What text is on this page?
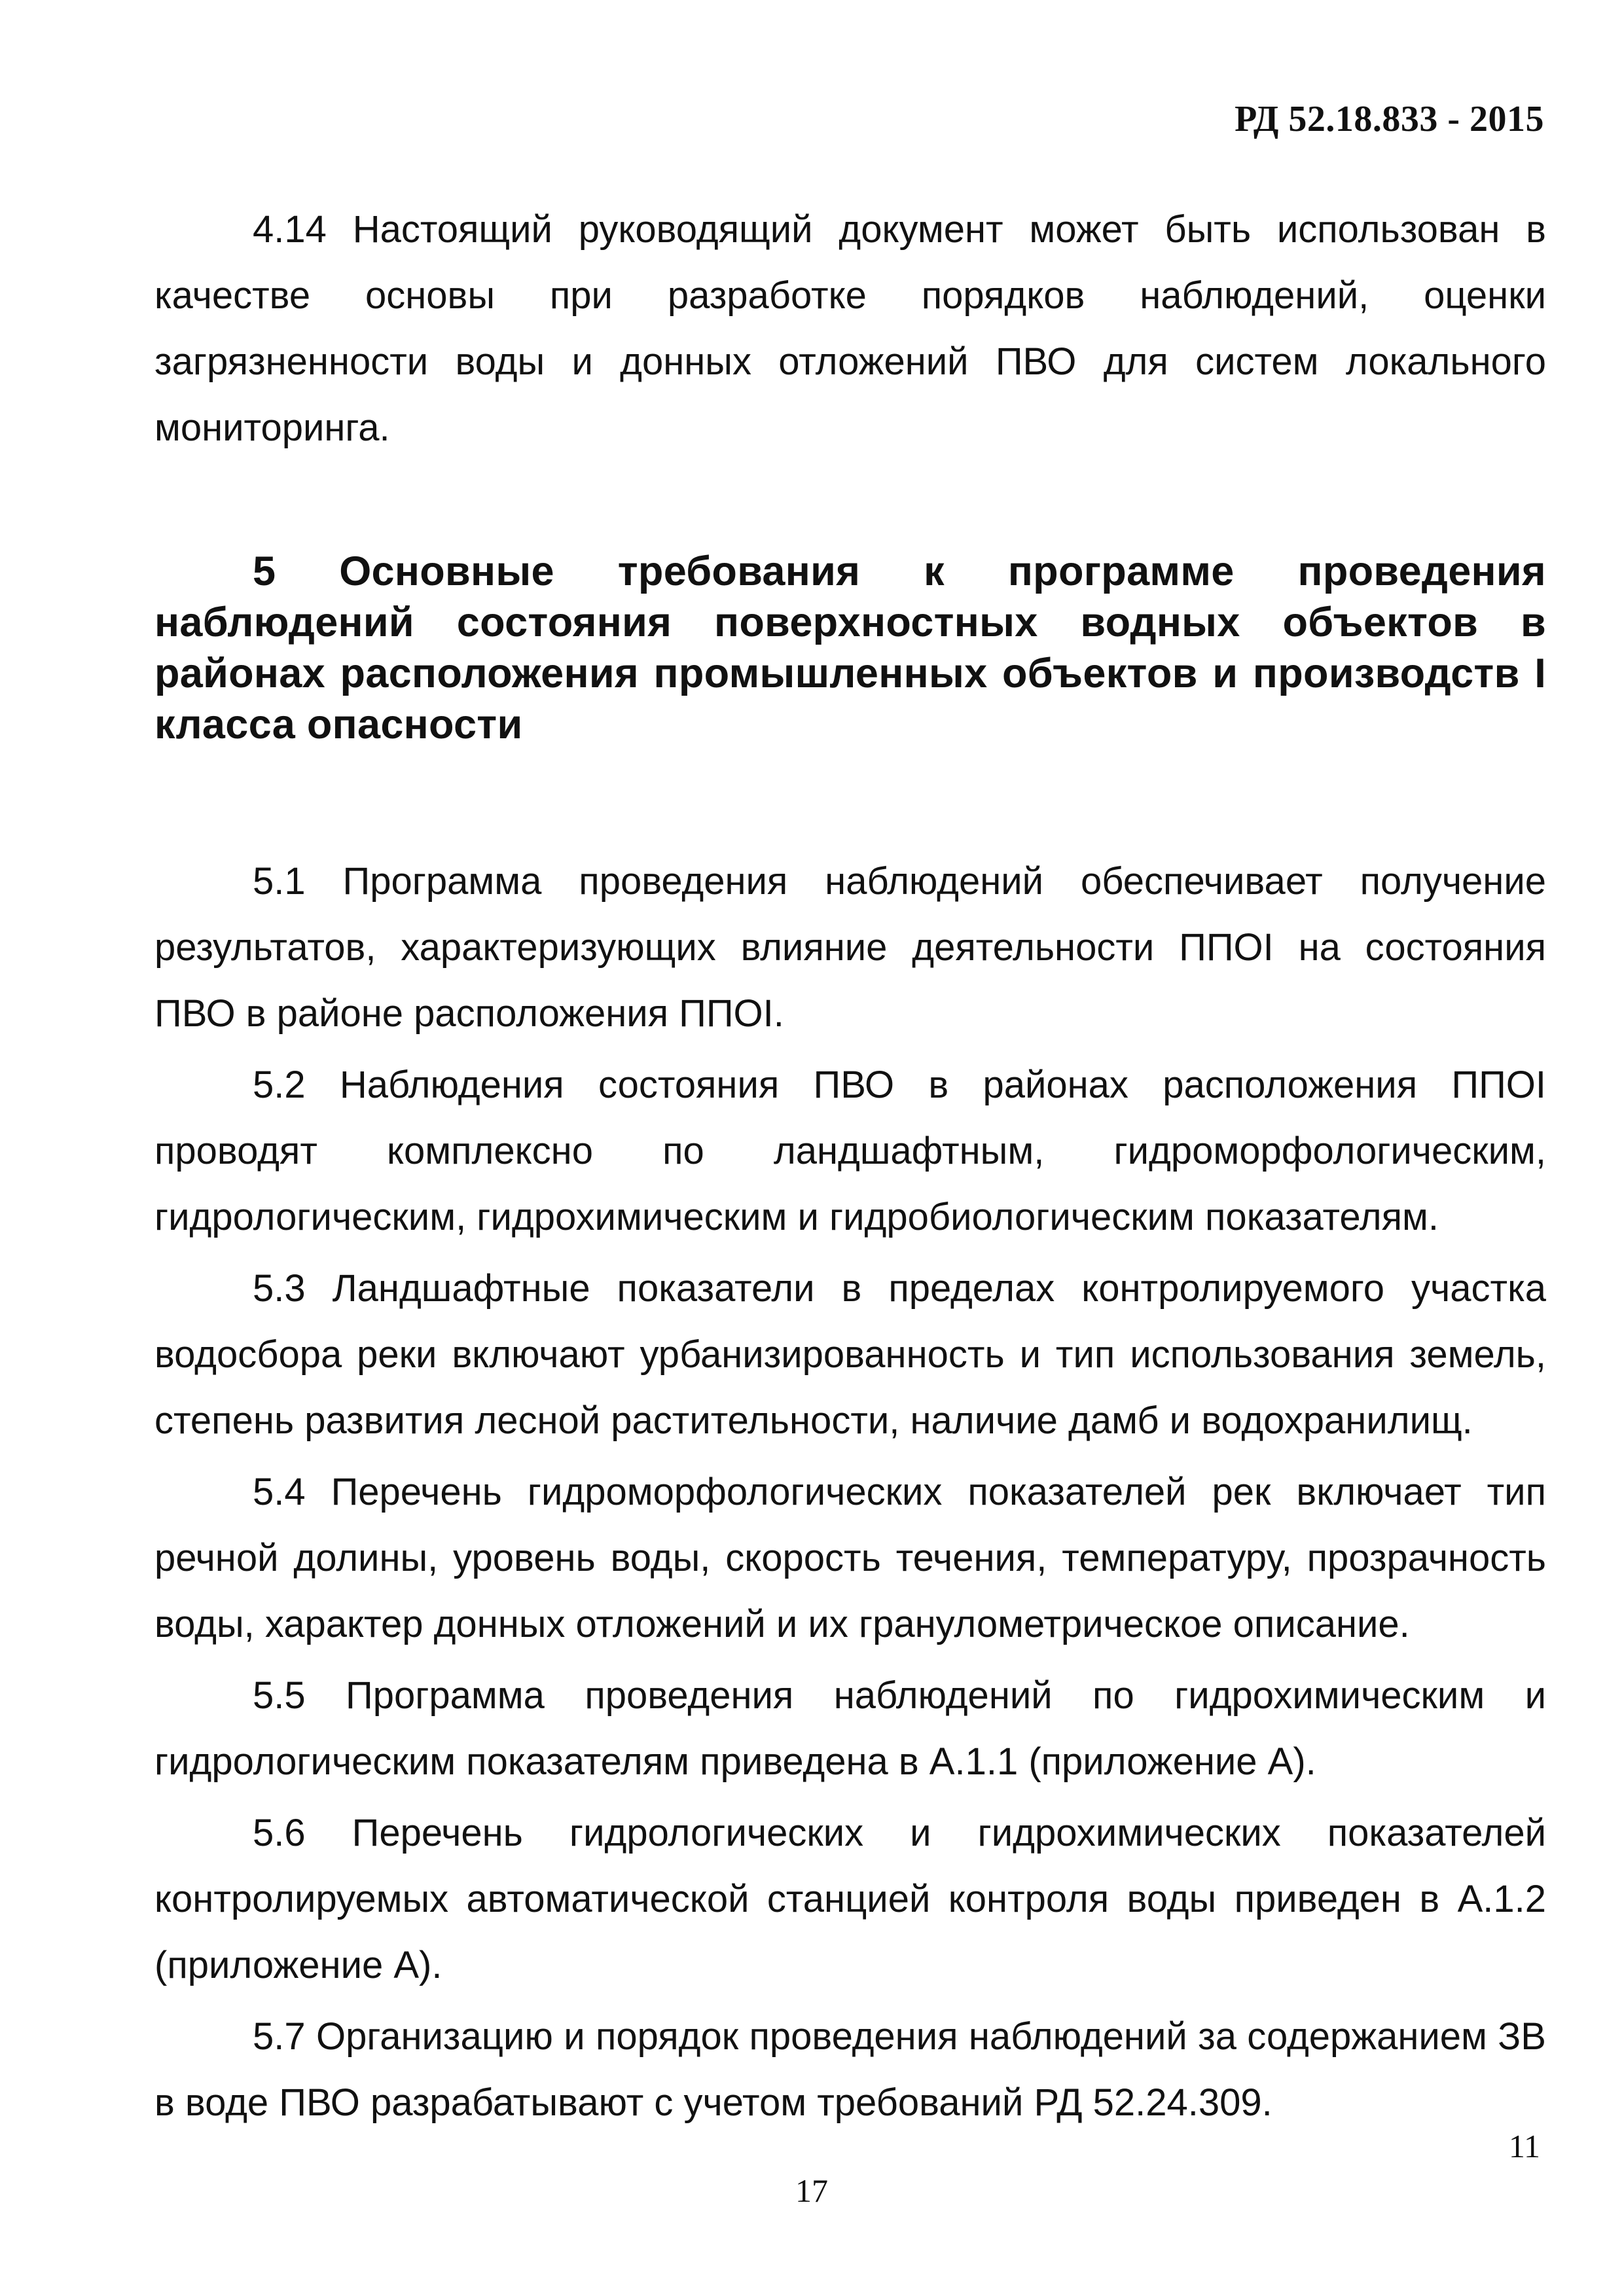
РД 52.18.833 - 2015

4.14 Настоящий руководящий документ может быть использован в качестве основы при разработке порядков наблюдений, оценки загрязненности воды и донных отложений ПВО для систем локального мониторинга.

5 Основные требования к программе проведения наблюдений состояния поверхностных водных объектов в районах расположения промышленных объектов и производств I класса опасности

5.1 Программа проведения наблюдений обеспечивает получение результатов, характеризующих влияние деятельности ППОI на состояния ПВО в районе расположения ППОI.

5.2 Наблюдения состояния ПВО в районах расположения ППОI проводят комплексно по ландшафтным, гидроморфологическим, гидрологическим, гидрохимическим и гидробиологическим показателям.

5.3 Ландшафтные показатели в пределах контролируемого участка водосбора реки включают урбанизированность и тип использования земель, степень развития лесной растительности, наличие дамб и водохранилищ.

5.4 Перечень гидроморфологических показателей рек включает тип речной долины, уровень воды, скорость течения, температуру, прозрачность воды, характер донных отложений и их гранулометрическое описание.

5.5 Программа проведения наблюдений по гидрохимическим и гидрологическим показателям приведена в А.1.1 (приложение А).

5.6 Перечень гидрологических и гидрохимических показателей контролируемых автоматической станцией контроля воды приведен в А.1.2 (приложение А).

5.7 Организацию и порядок проведения наблюдений за содержанием ЗВ в воде ПВО разрабатывают с учетом требований РД 52.24.309.

11
17
